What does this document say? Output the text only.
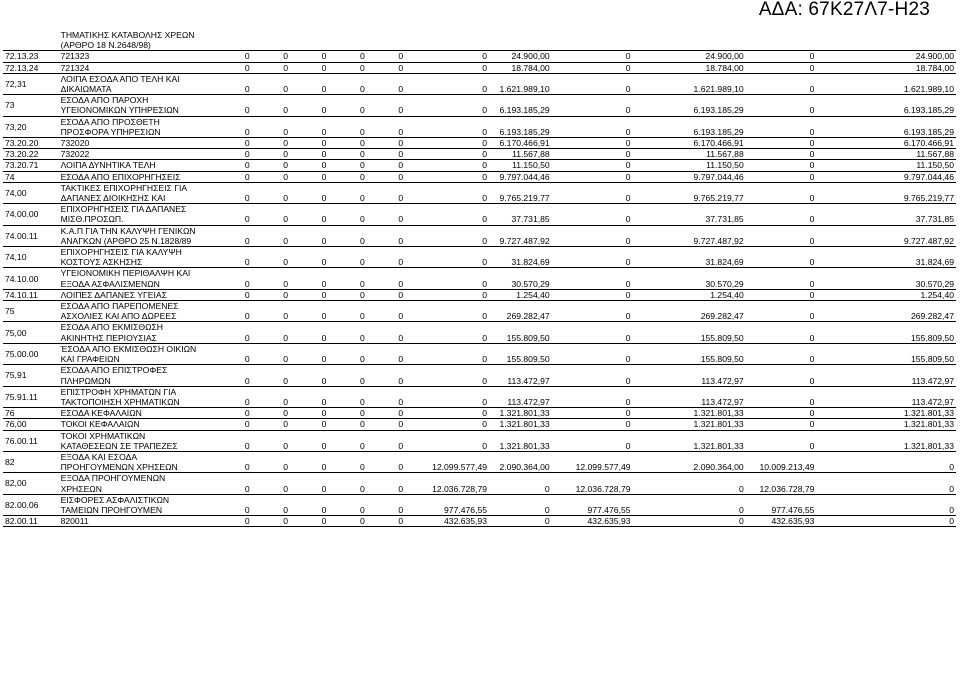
ΑΔΑ: 67Κ27Λ7-Η23
	ΤΗΜΑΤΙΚΗΣ ΚΑΤΑΒΟΛΗΣ ΧΡΕΩΝ (ΑΡΘΡΟ 18 Ν.2648/98)											
72.13.23	721323	0	0	0	0	0	0	24.900,00	0	24.900,00	0	24.900,00
72.13.24	721324	0	0	0	0	0	0	18.784,00	0	18.784,00	0	18.784,00
72,31	ΛΟΙΠΑ ΕΣΟΔΑ ΑΠΟ ΤΕΛΗ ΚΑΙ ΔΙΚΑΙΩΜΑΤΑ	0	0	0	0	0	0	1.621.989,10	0	1.621.989,10	0	1.621.989,10
73	ΕΣΟΔΑ ΑΠΟ ΠΑΡΟΧΗ ΥΓΕΙΟΝΟΜΙΚΩΝ ΥΠΗΡΕΣΙΩΝ	0	0	0	0	0	0	6.193.185,29	0	6.193.185,29	0	6.193.185,29
73,20	ΕΣΟΔΑ ΑΠΟ ΠΡΟΣΘΕΤΗ ΠΡΟΣΦΟΡΑ ΥΠΗΡΕΣΙΩΝ	0	0	0	0	0	0	6.193.185,29	0	6.193.185,29	0	6.193.185,29
73.20.20	732020	0	0	0	0	0	0	6.170.466,91	0	6.170.466,91	0	6.170.466,91
73.20.22	732022	0	0	0	0	0	0	11.567,88	0	11.567,88	0	11.567,88
73.20.71	ΛΟΙΠΑ ΔΥΝΗΤΙΚΑ ΤΕΛΗ	0	0	0	0	0	0	11.150,50	0	11.150,50	0	11.150,50
74	ΕΣΟΔΑ ΑΠΟ ΕΠΙΧΟΡΗΓΗΣΕΙΣ	0	0	0	0	0	0	9.797.044,46	0	9.797.044,46	0	9.797.044,46
74,00	ΤΑΚΤΙΚΕΣ ΕΠΙΧΟΡΗΓΗΣΕΙΣ ΓΙΑ ΔΑΠΑΝΕΣ ΔΙΟΙΚΗΣΗΣ ΚΑΙ	0	0	0	0	0	0	9.765.219,77	0	9.765.219,77	0	9.765.219,77
74.00.00	ΕΠΙΧΟΡΗΓΗΣΕΙΣ ΓΙΑ ΔΑΠΑΝΕΣ ΜΙΣΘ.ΠΡΟΣΩΠ.	0	0	0	0	0	0	37.731,85	0	37.731,85	0	37.731,85
74.00.11	Κ.Α.Π ΓΙΑ ΤΗΝ ΚΑΛΥΨΗ ΓΕΝΙΚΩΝ ΑΝΑΓΚΩΝ (ΑΡΘΡΟ 25 Ν.1828/89	0	0	0	0	0	0	9.727.487,92	0	9.727.487,92	0	9.727.487,92
74,10	ΕΠΙΧΟΡΗΓΗΣΕΙΣ ΓΙΑ ΚΑΛΥΨΗ ΚΟΣΤΟΥΣ ΑΣΚΗΣΗΣ	0	0	0	0	0	0	31.824,69	0	31.824,69	0	31.824,69
74.10.00	ΥΓΕΙΟΝΟΜΙΚΗ ΠΕΡΙΘΑΛΨΗ ΚΑΙ ΕΞΟΔΑ ΑΣΦΑΛΙΣΜΕΝΩΝ	0	0	0	0	0	0	30.570,29	0	30.570,29	0	30.570,29
74.10.11	ΛΟΙΠΕΣ ΔΑΠΑΝΕΣ ΥΓΕΙΑΣ	0	0	0	0	0	0	1.254,40	0	1.254,40	0	1.254,40
75	ΕΣΟΔΑ ΑΠΟ ΠΑΡΕΠΟΜΕΝΕΣ ΑΣΧΟΛΙΕΣ ΚΑΙ ΑΠΟ ΔΩΡΕΕΣ	0	0	0	0	0	0	269.282,47	0	269.282,47	0	269.282,47
75,00	ΕΣΟΔΑ ΑΠΟ ΕΚΜΙΣΘΩΣΗ ΑΚΙΝΗΤΗΣ ΠΕΡΙΟΥΣΙΑΣ	0	0	0	0	0	0	155.809,50	0	155.809,50	0	155.809,50
75.00.00	ΈΣΟΔΑ ΑΠΟ ΕΚΜΙΣΘΩΣΗ ΟΙΚΙΩΝ ΚΑΙ ΓΡΑΦΕΙΩΝ	0	0	0	0	0	0	155.809,50	0	155.809,50	0	155.809,50
75,91	ΕΣΟΔΑ ΑΠΟ ΕΠΙΣΤΡΟΦΕΣ ΠΛΗΡΩΜΩΝ	0	0	0	0	0	0	113.472,97	0	113.472,97	0	113.472,97
75.91.11	ΕΠΙΣΤΡΟΦΗ ΧΡΗΜΑΤΩΝ ΓΙΑ ΤΑΚΤΟΠΟΙΗΣΗ ΧΡΗΜΑΤΙΚΩΝ	0	0	0	0	0	0	113.472,97	0	113.472,97	0	113.472,97
76	ΕΣΟΔΑ ΚΕΦΑΛΑΙΩΝ	0	0	0	0	0	0	1.321.801,33	0	1.321.801,33	0	1.321.801,33
76,00	ΤΟΚΟΙ ΚΕΦΑΛΑΙΩΝ	0	0	0	0	0	0	1.321.801,33	0	1.321.801,33	0	1.321.801,33
76.00.11	ΤΟΚΟΙ ΧΡΗΜΑΤΙΚΩΝ ΚΑΤΑΘΕΣΕΩΝ ΣΕ ΤΡΑΠΕΖΕΣ	0	0	0	0	0	0	1.321.801,33	0	1.321.801,33	0	1.321.801,33
82	ΕΞΟΔΑ ΚΑΙ ΕΣΟΔΑ ΠΡΟΗΓΟΥΜΕΝΩΝ ΧΡΗΣΕΩΝ	0	0	0	0	0	12.099.577,49	2.090.364,00	12.099.577,49	2.090.364,00	10.009.213,49	0
82,00	ΕΞΟΔΑ ΠΡΟΗΓΟΥΜΕΝΩΝ ΧΡΗΣΕΩΝ	0	0	0	0	0	12.036.728,79	0	12.036.728,79	0	12.036.728,79	0
82.00.06	ΕΙΣΦΟΡΕΣ ΑΣΦΑΛΙΣΤΙΚΩΝ ΤΑΜΕΙΩΝ ΠΡΟΗΓΟΥΜΕΝ	0	0	0	0	0	977.476,55	0	977.476,55	0	977.476,55	0
82.00.11	820011	0	0	0	0	0	432.635,93	0	432.635,93	0	432.635,93	0
